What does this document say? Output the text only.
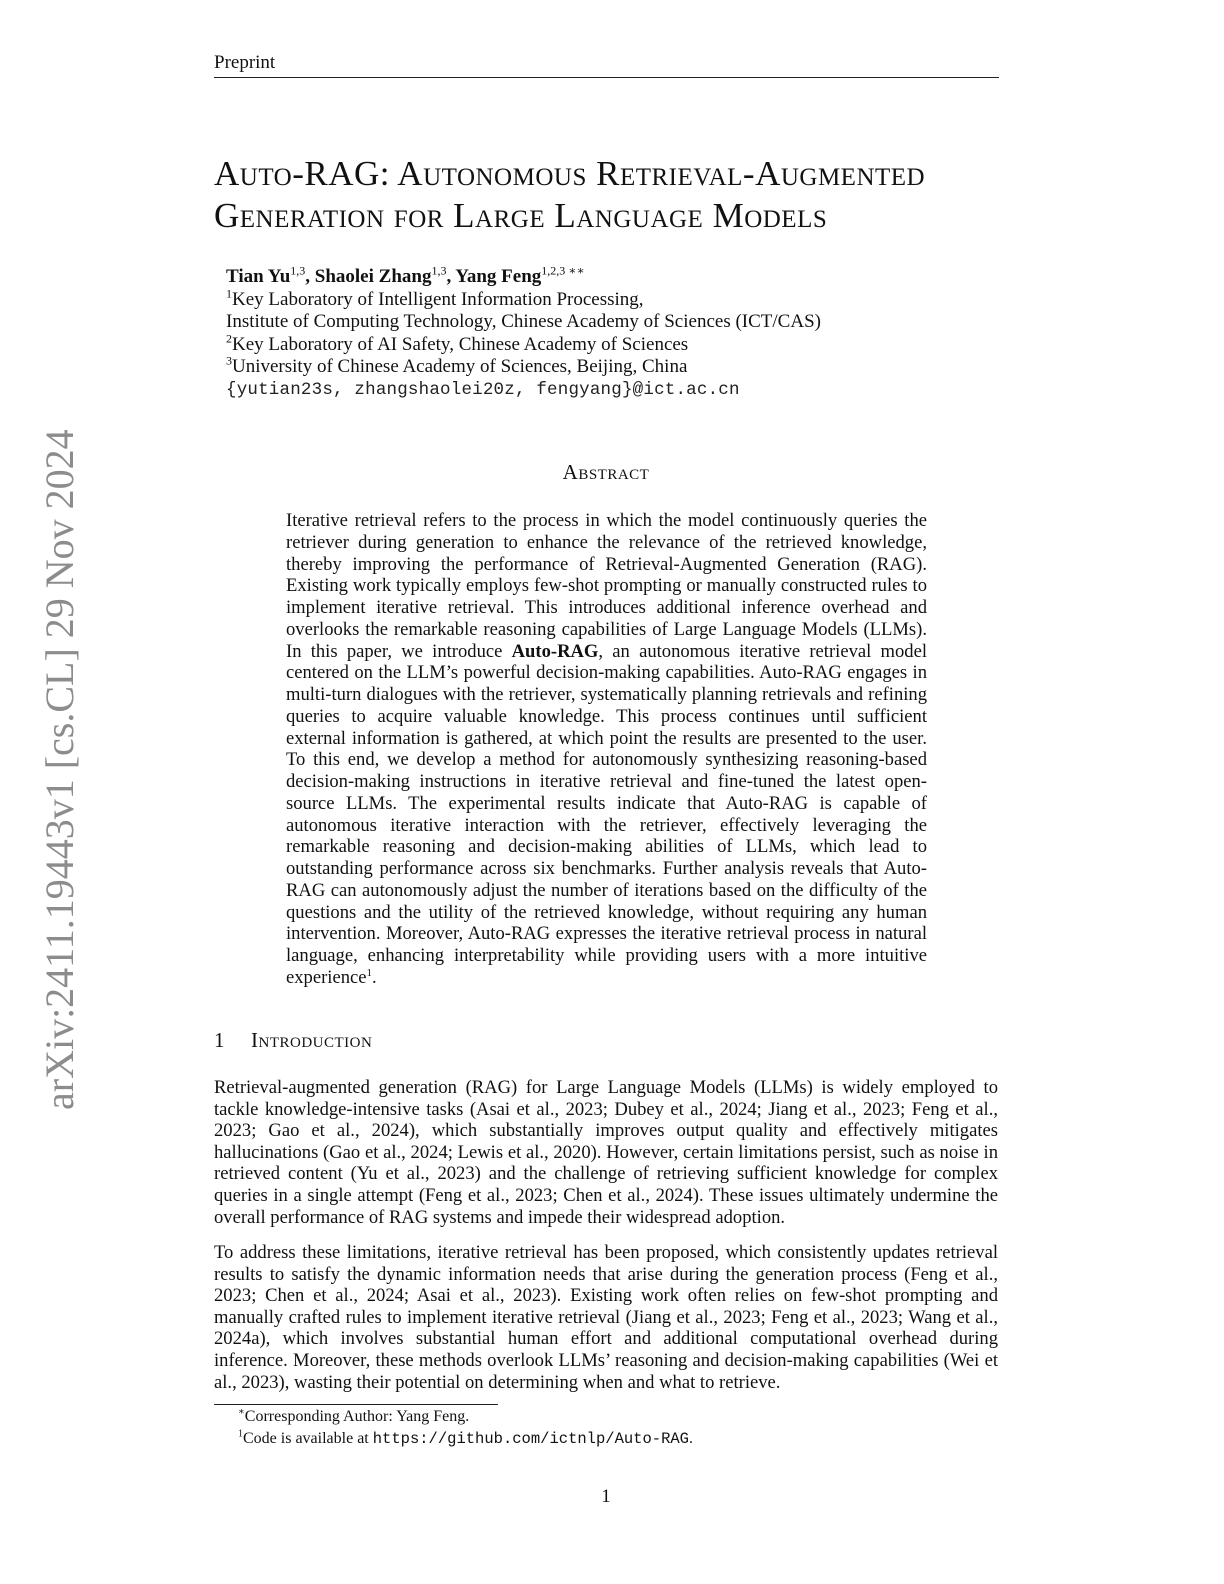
Preprint
arXiv:2411.19443v1 [cs.CL] 29 Nov 2024
Auto-RAG: Autonomous Retrieval-Augmented
Generation for Large Language Models
Tian Yu$^{1,3}$, Shaolei Zhang$^{1,3}$, Yang Feng$^{1,2,3 ∗∗}$
$^1$Key Laboratory of Intelligent Information Processing,
Institute of Computing Technology, Chinese Academy of Sciences (ICT/CAS)
$^2$Key Laboratory of AI Safety, Chinese Academy of Sciences
$^3$University of Chinese Academy of Sciences, Beijing, China
{yutian23s, zhangshaolei20z, fengyang}@ict.ac.cn
Abstract

Iterative retrieval refers to the process in which the model continuously queries the retriever during generation to enhance the relevance of the retrieved knowledge, thereby improving the performance of Retrieval-Augmented Generation (RAG). Existing work typically employs few-shot prompting or manually constructed rules to implement iterative retrieval. This introduces additional inference overhead and overlooks the remarkable reasoning capabilities of Large Language Models (LLMs). In this paper, we introduce Auto-RAG, an autonomous iterative retrieval model centered on the LLM’s powerful decision-making capabilities. Auto-RAG engages in multi-turn dialogues with the retriever, systematically planning retrievals and refining queries to acquire valuable knowledge. This process continues until sufficient external information is gathered, at which point the results are presented to the user. To this end, we develop a method for autonomously synthesizing reasoning-based decision-making instructions in iterative retrieval and fine-tuned the latest open-source LLMs. The experimental results indicate that Auto-RAG is capable of autonomous iterative interaction with the retriever, effectively leveraging the remarkable reasoning and decision-making abilities of LLMs, which lead to outstanding performance across six benchmarks. Further analysis reveals that Auto-RAG can autonomously adjust the number of iterations based on the difficulty of the questions and the utility of the retrieved knowledge, without requiring any human intervention. Moreover, Auto-RAG expresses the iterative retrieval process in natural language, enhancing interpretability while providing users with a more intuitive experience$^1$.

1 Introduction

Retrieval-augmented generation (RAG) for Large Language Models (LLMs) is widely employed to tackle knowledge-intensive tasks (Asai et al., 2023; Dubey et al., 2024; Jiang et al., 2023; Feng et al., 2023; Gao et al., 2024), which substantially improves output quality and effectively mitigates hallucinations (Gao et al., 2024; Lewis et al., 2020). However, certain limitations persist, such as noise in retrieved content (Yu et al., 2023) and the challenge of retrieving sufficient knowledge for complex queries in a single attempt (Feng et al., 2023; Chen et al., 2024). These issues ultimately undermine the overall performance of RAG systems and impede their widespread adoption.

To address these limitations, iterative retrieval has been proposed, which consistently updates retrieval results to satisfy the dynamic information needs that arise during the generation process (Feng et al., 2023; Chen et al., 2024; Asai et al., 2023). Existing work often relies on few-shot prompting and manually crafted rules to implement iterative retrieval (Jiang et al., 2023; Feng et al., 2023; Wang et al., 2024a), which involves substantial human effort and additional computational overhead during inference. Moreover, these methods overlook LLMs’ reasoning and decision-making capabilities (Wei et al., 2023), wasting their potential on determining when and what to retrieve.

∗Corresponding Author: Yang Feng.
$^1$Code is available at https://github.com/ictnlp/Auto-RAG.
1
